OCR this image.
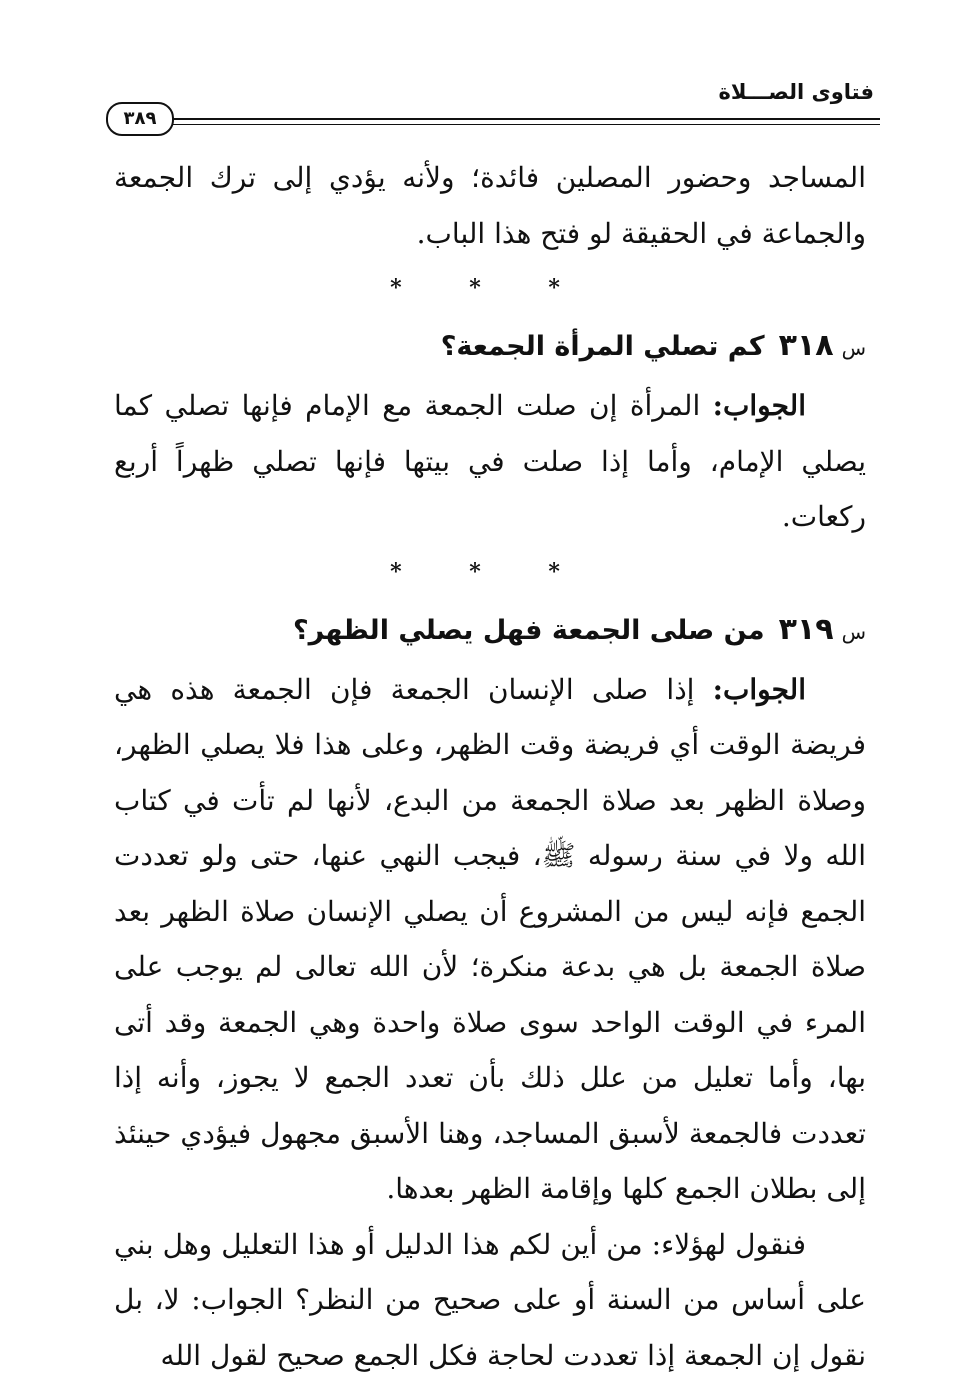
فتاوى الصـــلاة
٣٨٩

المساجد وحضور المصلين فائدة؛ ولأنه يؤدي إلى ترك الجمعة والجماعة في الحقيقة لو فتح هذا الباب.

* * *

س٣١٨كم تصلي المرأة الجمعة؟

الجواب: المرأة إن صلت الجمعة مع الإمام فإنها تصلي كما يصلي الإمام، وأما إذا صلت في بيتها فإنها تصلي ظهراً أربع ركعات.

* * *

س٣١٩من صلى الجمعة فهل يصلي الظهر؟

الجواب: إذا صلى الإنسان الجمعة فإن الجمعة هذه هي فريضة الوقت أي فريضة وقت الظهر، وعلى هذا فلا يصلي الظهر، وصلاة الظهر بعد صلاة الجمعة من البدع، لأنها لم تأت في كتاب الله ولا في سنة رسوله ﷺ، فيجب النهي عنها، حتى ولو تعددت الجمع فإنه ليس من المشروع أن يصلي الإنسان صلاة الظهر بعد صلاة الجمعة بل هي بدعة منكرة؛ لأن الله تعالى لم يوجب على المرء في الوقت الواحد سوى صلاة واحدة وهي الجمعة وقد أتى بها، وأما تعليل من علل ذلك بأن تعدد الجمع لا يجوز، وأنه إذا تعددت فالجمعة لأسبق المساجد، وهنا الأسبق مجهول فيؤدي حينئذ إلى بطلان الجمع كلها وإقامة الظهر بعدها.

فنقول لهؤلاء: من أين لكم هذا الدليل أو هذا التعليل وهل بني على أساس من السنة أو على صحيح من النظر؟ الجواب: لا، بل نقول إن الجمعة إذا تعددت لحاجة فكل الجمع صحيح لقول الله
